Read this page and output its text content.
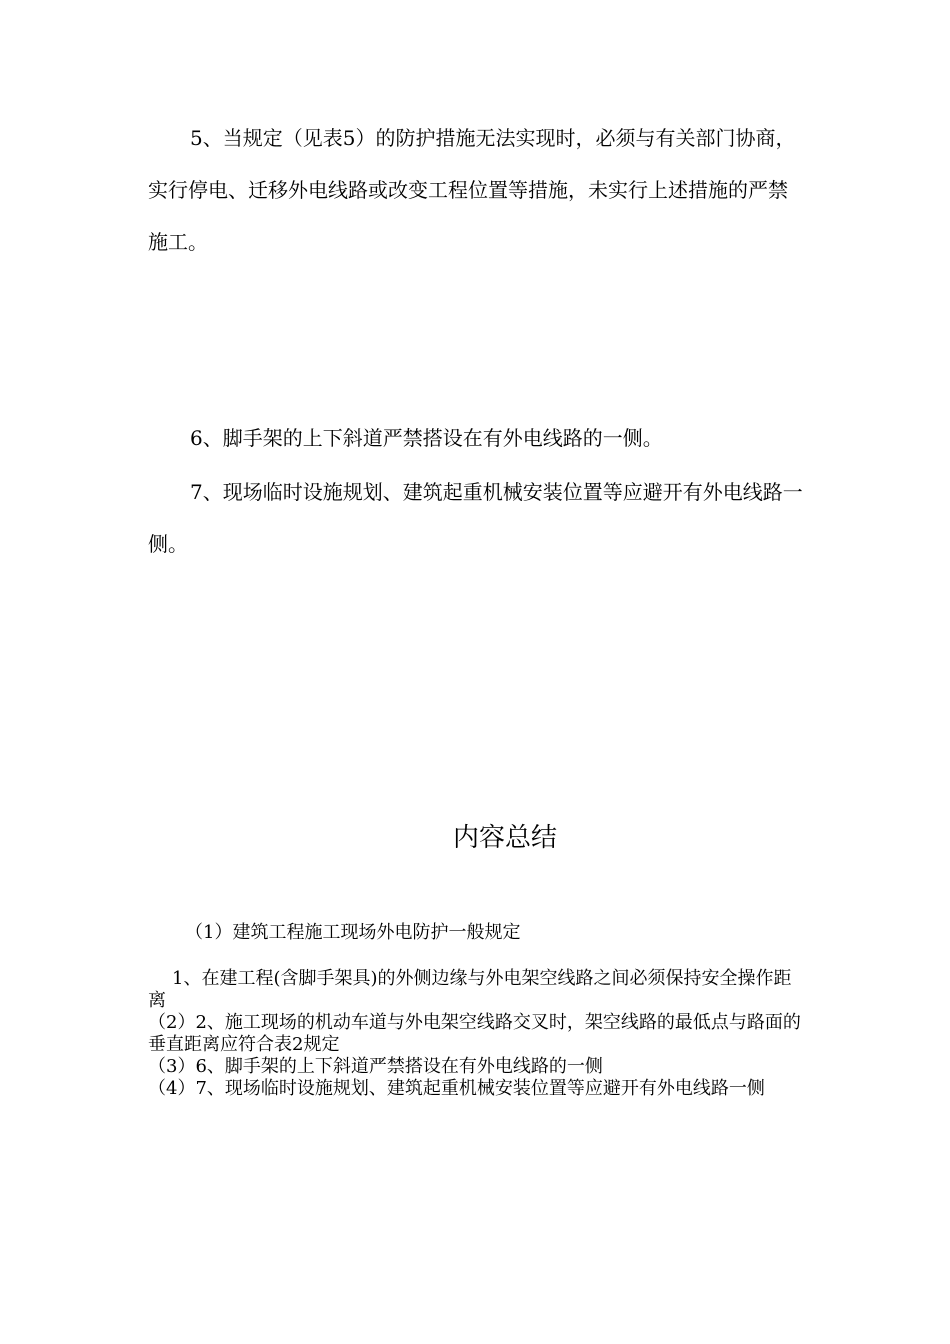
5、当规定（见表5）的防护措施无法实现时，必须与有关部门协商，实行停电、迁移外电线路或改变工程位置等措施，未实行上述措施的严禁施工。

6、脚手架的上下斜道严禁搭设在有外电线路的一侧。

7、现场临时设施规划、建筑起重机械安装位置等应避开有外电线路一侧。

内容总结

（1）建筑工程施工现场外电防护一般规定

1、在建工程(含脚手架具)的外侧边缘与外电架空线路之间必须保持安全操作距离
（2）2、施工现场的机动车道与外电架空线路交叉时，架空线路的最低点与路面的垂直距离应符合表2规定
（3）6、脚手架的上下斜道严禁搭设在有外电线路的一侧
（4）7、现场临时设施规划、建筑起重机械安装位置等应避开有外电线路一侧
